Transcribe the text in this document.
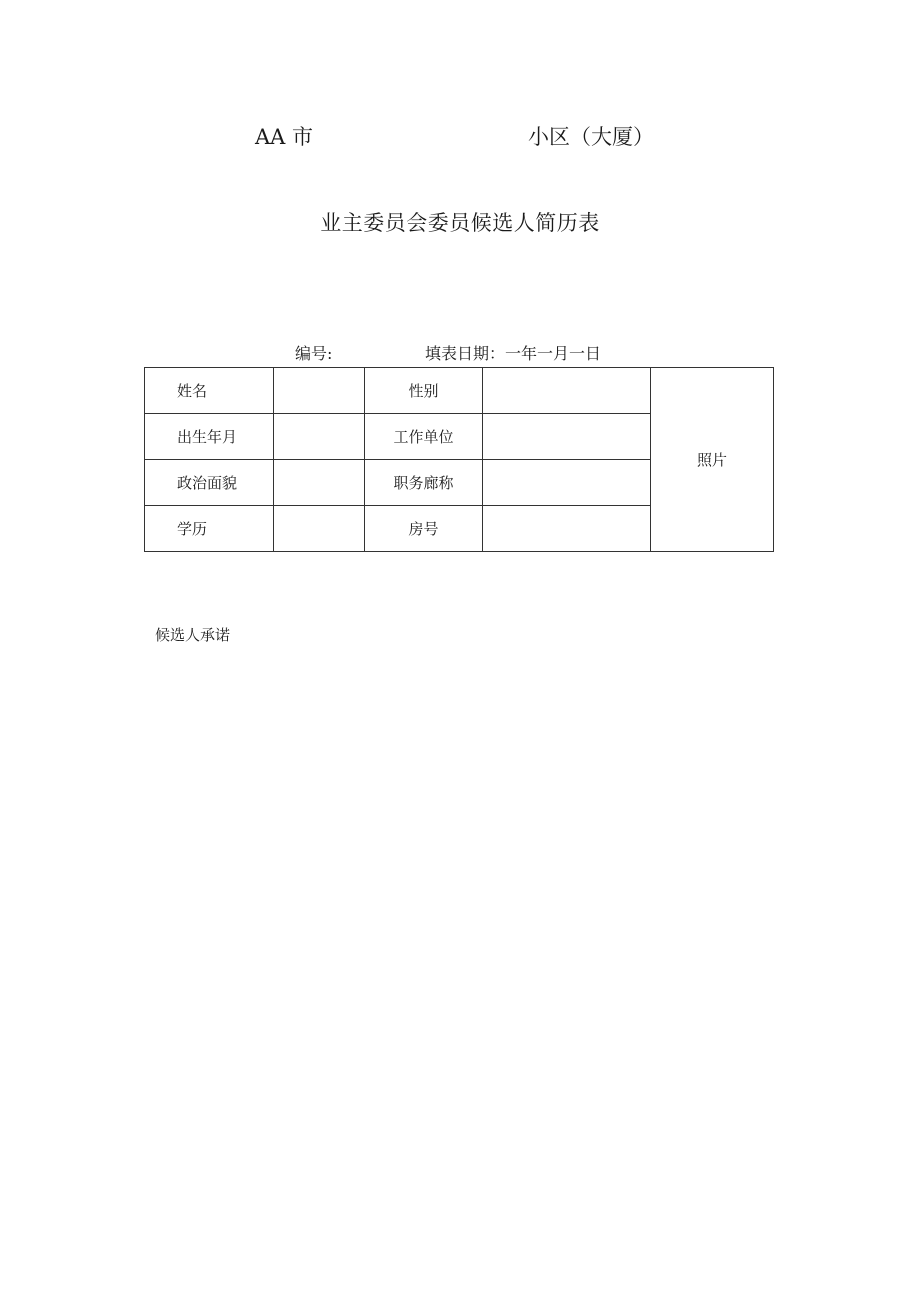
AA 市	小区（大厦）
业主委员会委员候选人简历表
编号:	填表日期：一年一月一日
姓名		性别		照片
出生年月		工作单位		
政治面貌		职务廊称		
学历		房号		
候选人承诺
